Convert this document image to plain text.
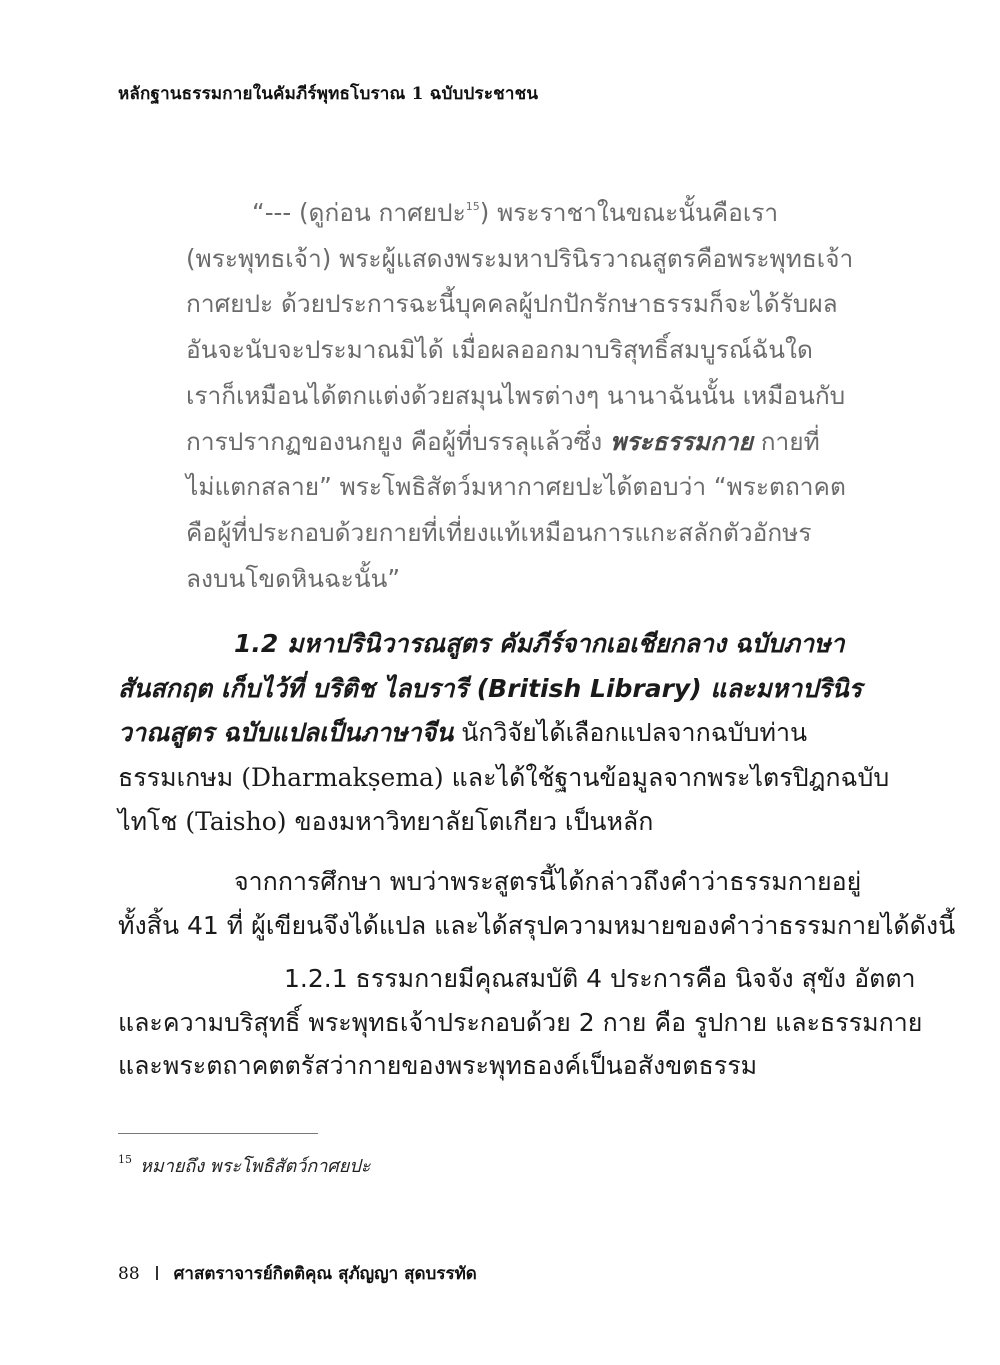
หลักฐานธรรมกายในคัมภีร์พุทธโบราณ 1 ฉบับประชาชน
“--- (ดูก่อน กาศยปะ$^{15}$) พระราชาในขณะนั้นคือเรา
(พระพุทธเจ้า) พระผู้แสดงพระมหาปรินิรวาณสูตรคือพระพุทธเจ้า
กาศยปะ ด้วยประการฉะนี้บุคคลผู้ปกปักรักษาธรรมก็จะได้รับผล
อันจะนับจะประมาณมิได้ เมื่อผลออกมาบริสุทธิ์สมบูรณ์ฉันใด
เราก็เหมือนได้ตกแต่งด้วยสมุนไพรต่างๆ นานาฉันนั้น เหมือนกับ
การปรากฏของนกยูง คือผู้ที่บรรลุแล้วซึ่ง พระธรรมกาย กายที่
ไม่แตกสลาย” พระโพธิสัตว์มหากาศยปะได้ตอบว่า “พระตถาคต
คือผู้ที่ประกอบด้วยกายที่เที่ยงแท้เหมือนการแกะสลักตัวอักษร
ลงบนโขดหินฉะนั้น”
1.2 มหาปรินิวารณสูตร คัมภีร์จากเอเชียกลาง ฉบับภาษา
สันสกฤต เก็บไว้ที่ บริติช ไลบรารี (British Library) และมหาปรินิร
วาณสูตร ฉบับแปลเป็นภาษาจีน นักวิจัยได้เลือกแปลจากฉบับท่าน
ธรรมเกษม (Dharmakṣema) และได้ใช้ฐานข้อมูลจากพระไตรปิฎกฉบับ
ไทโช (Taisho) ของมหาวิทยาลัยโตเกียว เป็นหลัก
จากการศึกษา พบว่าพระสูตรนี้ได้กล่าวถึงคำว่าธรรมกายอยู่
ทั้งสิ้น 41 ที่ ผู้เขียนจึงได้แปล และได้สรุปความหมายของคำว่าธรรมกายได้ดังนี้
1.2.1 ธรรมกายมีคุณสมบัติ 4 ประการคือ นิจจัง สุขัง อัตตา
และความบริสุทธิ์ พระพุทธเจ้าประกอบด้วย 2 กาย คือ รูปกาย และธรรมกาย
และพระตถาคตตรัสว่ากายของพระพุทธองค์เป็นอสังขตธรรม
$^{15}$ หมายถึง พระโพธิสัตว์กาศยปะ
88 ศาสตราจารย์กิตติคุณ สุภัญญา สุดบรรทัด
